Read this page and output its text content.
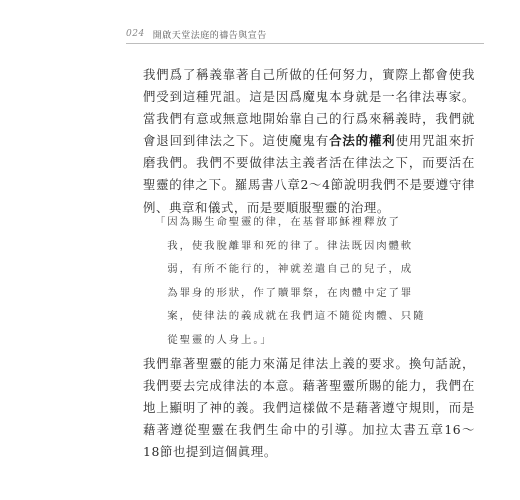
024 開啟天堂法庭的禱告與宣告

我們爲了稱義靠著自己所做的任何努力，實際上都會使我們受到這種咒詛。這是因爲魔鬼本身就是一名律法專家。當我們有意或無意地開始靠自己的行爲來稱義時，我們就會退回到律法之下。這使魔鬼有合法的權利使用咒詛來折磨我們。我們不要做律法主義者活在律法之下，而要活在聖靈的律之下。羅馬書八章2～4節說明我們不是要遵守律例、典章和儀式，而是要順服聖靈的治理。

「因為賜生命聖靈的律，在基督耶穌裡釋放了
　我，使我脫離罪和死的律了。律法既因肉體軟
　弱，有所不能行的，神就差遣自己的兒子，成
　為罪身的形狀，作了贖罪祭，在肉體中定了罪
　案，使律法的義成就在我們這不隨從肉體、只隨
　從聖靈的人身上。」

我們靠著聖靈的能力來滿足律法上義的要求。換句話說，我們要去完成律法的本意。藉著聖靈所賜的能力，我們在地上顯明了神的義。我們這樣做不是藉著遵守規則，而是藉著遵從聖靈在我們生命中的引導。加拉太書五章16～18節也提到這個眞理。
